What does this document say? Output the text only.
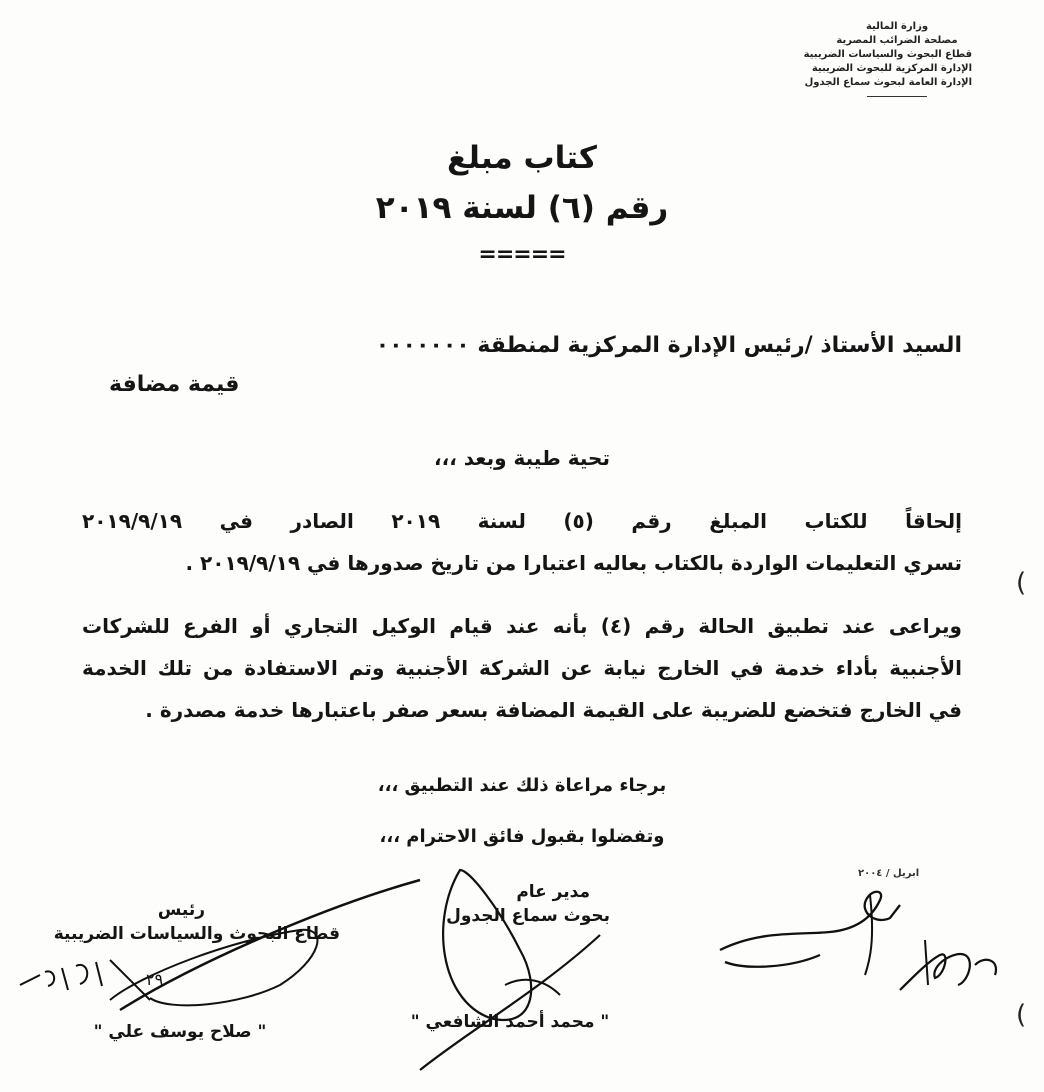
وزارة المالية
مصلحة الضرائب المصرية
قطاع البحوث والسياسات الضريبية
الإدارة المركزية للبحوث الضريبية
الإدارة العامة لبحوث سماع الجدول
كتاب مبلغ
رقم (٦) لسنة ٢٠١٩
=====
السيد الأستاذ /رئيس الإدارة المركزية لمنطقة ٠٠٠٠٠٠٠
قيمة مضافة
تحية طيبة وبعد ،،،
إلحاقاً للكتاب المبلغ رقم (٥) لسنة ٢٠١٩ الصادر في ٢٠١٩/٩/١٩
تسري التعليمات الواردة بالكتاب بعاليه اعتبارا من تاريخ صدورها في ٢٠١٩/٩/١٩ .
ويراعى عند تطبيق الحالة رقم (٤) بأنه عند قيام الوكيل التجاري أو الفرع للشركات
الأجنبية بأداء خدمة في الخارج نيابة عن الشركة الأجنبية وتم الاستفادة من تلك الخدمة
في الخارج فتخضع للضريبة على القيمة المضافة بسعر صفر باعتبارها خدمة مصدرة .
برجاء مراعاة ذلك عند التطبيق ،،،
وتفضلوا بقبول فائق الاحترام ،،،
رئيس
قطاع البحوث والسياسات الضريبية
" صلاح يوسف علي "
مدير عام
بحوث سماع الجدول
" محمد أحمد الشافعي "
ابريل / ٢٠٠٤
(
(
٢٩
